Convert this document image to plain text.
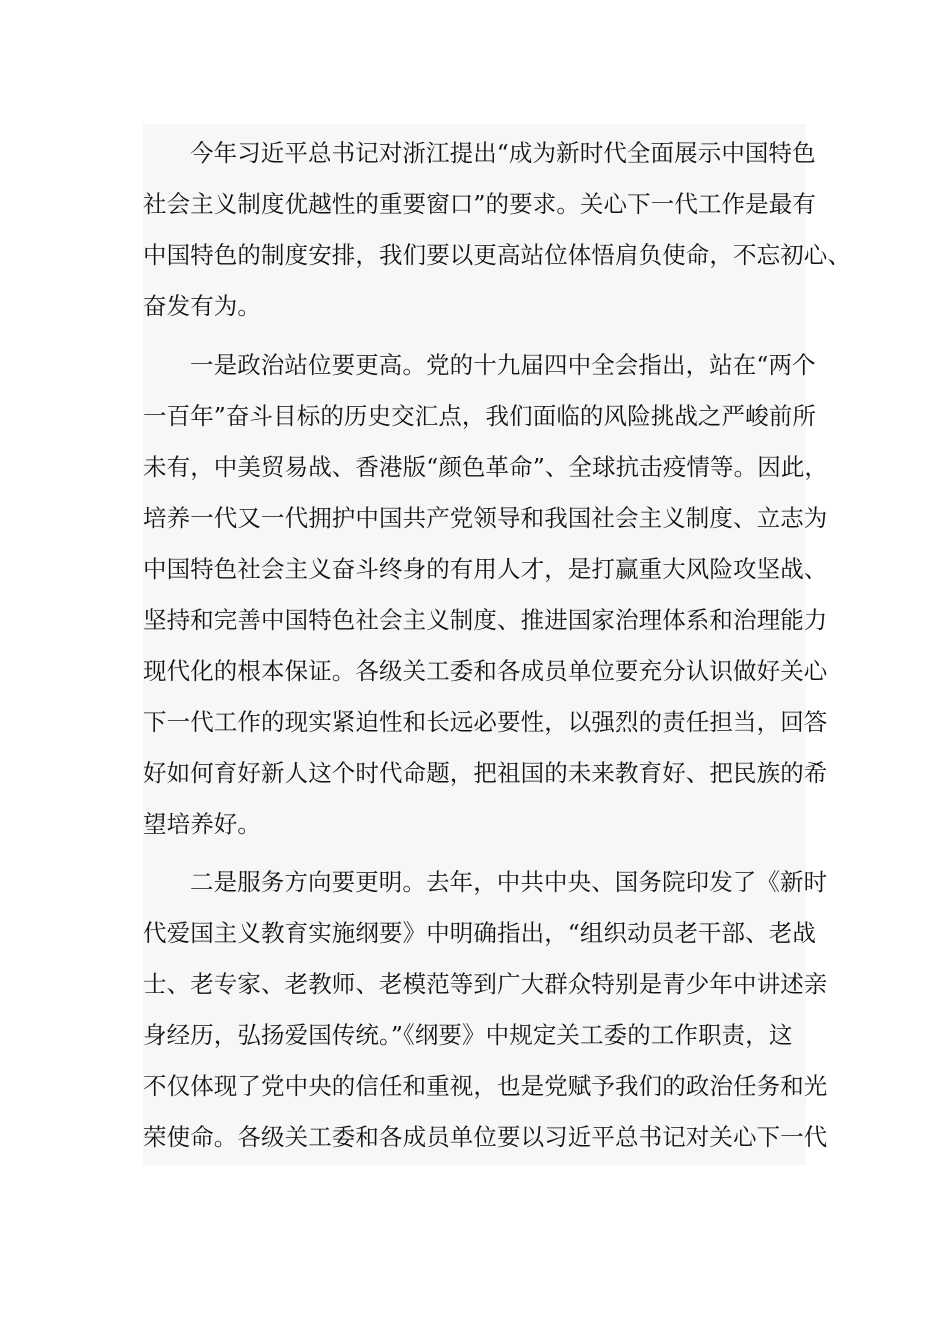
今年习近平总书记对浙江提出“成为新时代全面展示中国特色
社会主义制度优越性的重要窗口”的要求。关心下一代工作是最有
中国特色的制度安排，我们要以更高站位体悟肩负使命，不忘初心、
奋发有为。
一是政治站位要更高。党的十九届四中全会指出，站在“两个
一百年”奋斗目标的历史交汇点，我们面临的风险挑战之严峻前所
未有，中美贸易战、香港版“颜色革命”、全球抗击疫情等。因此，
培养一代又一代拥护中国共产党领导和我国社会主义制度、立志为
中国特色社会主义奋斗终身的有用人才，是打赢重大风险攻坚战、
坚持和完善中国特色社会主义制度、推进国家治理体系和治理能力
现代化的根本保证。各级关工委和各成员单位要充分认识做好关心
下一代工作的现实紧迫性和长远必要性，以强烈的责任担当，回答
好如何育好新人这个时代命题，把祖国的未来教育好、把民族的希
望培养好。
二是服务方向要更明。去年，中共中央、国务院印发了《新时
代爱国主义教育实施纲要》中明确指出，“组织动员老干部、老战
士、老专家、老教师、老模范等到广大群众特别是青少年中讲述亲
身经历，弘扬爱国传统。”《纲要》中规定关工委的工作职责，这
不仅体现了党中央的信任和重视，也是党赋予我们的政治任务和光
荣使命。各级关工委和各成员单位要以习近平总书记对关心下一代
